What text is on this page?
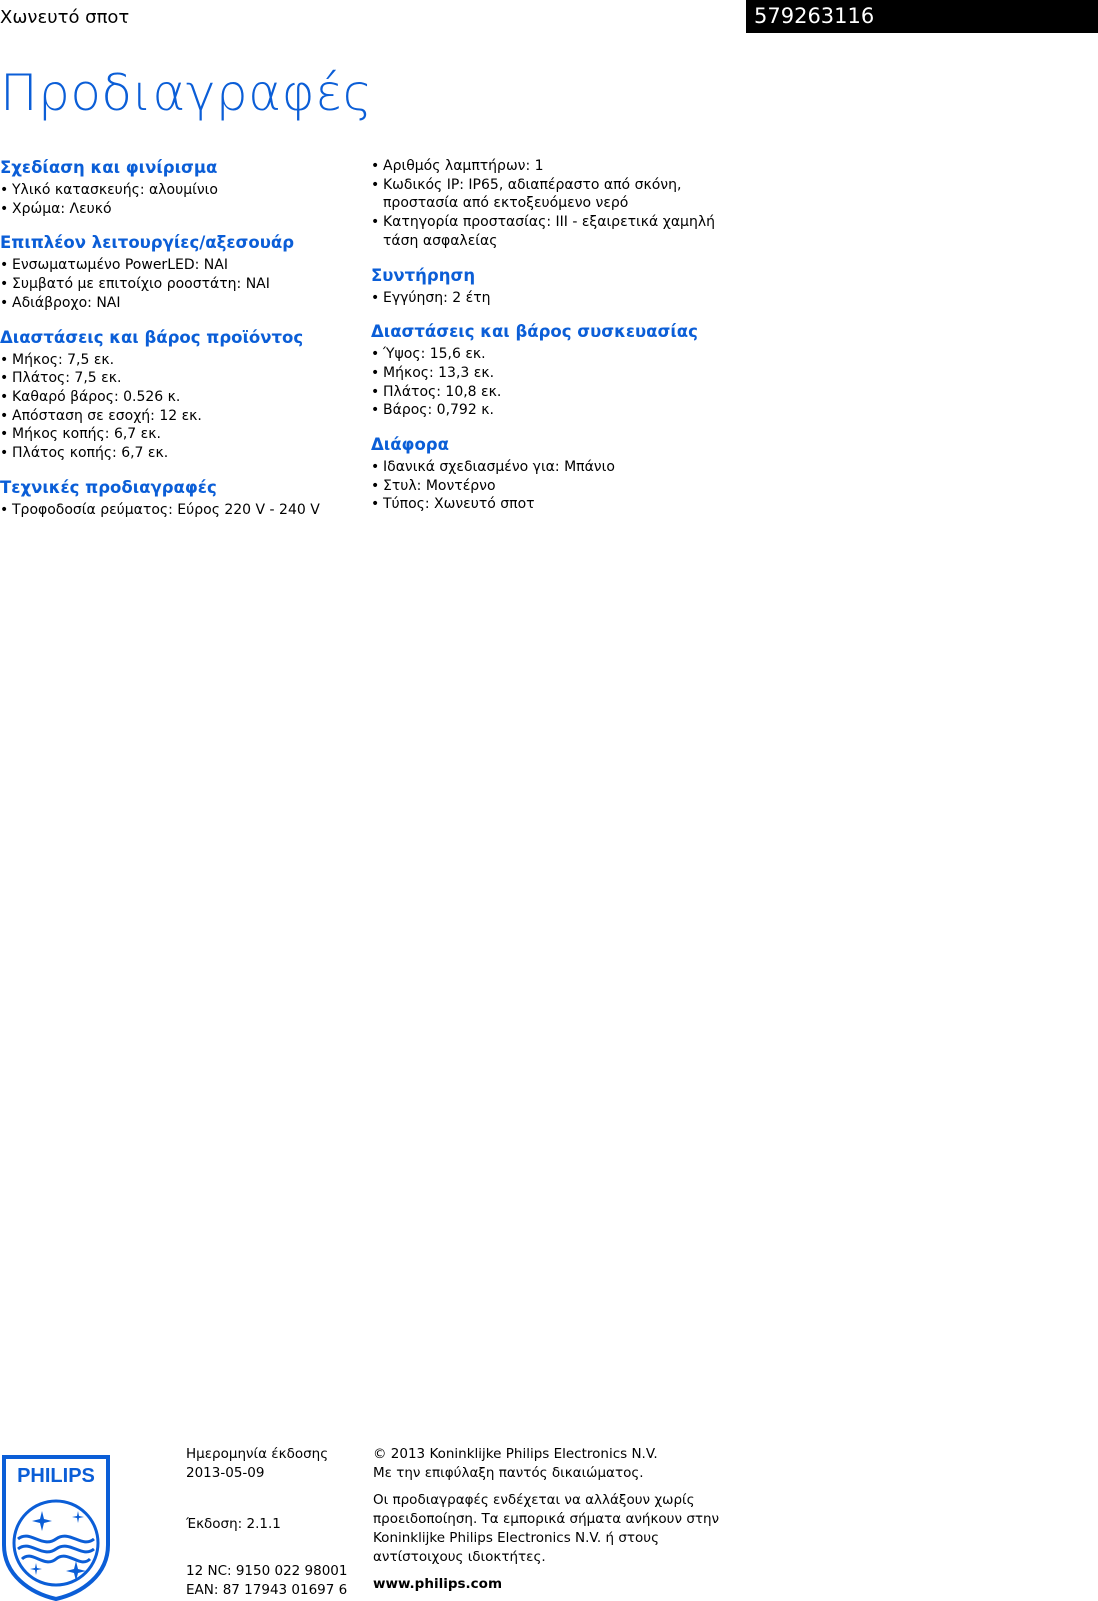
Χωνευτό σποτ	579263116
Προδιαγραφές
Σχεδίαση και φινίρισμα
• Υλικό κατασκευής: αλουμίνιο
• Χρώμα: Λευκό
Επιπλέον λειτουργίες/αξεσουάρ
• Ενσωματωμένο PowerLED: ΝΑΙ
• Συμβατό με επιτοίχιο ροοστάτη: ΝΑΙ
• Αδιάβροχο: ΝΑΙ
Διαστάσεις και βάρος προϊόντος
• Μήκος: 7,5 εκ.
• Πλάτος: 7,5 εκ.
• Καθαρό βάρος: 0.526 κ.
• Απόσταση σε εσοχή: 12 εκ.
• Μήκος κοπής: 6,7 εκ.
• Πλάτος κοπής: 6,7 εκ.
Τεχνικές προδιαγραφές
• Τροφοδοσία ρεύματος: Εύρος 220 V - 240 V
• Αριθμός λαμπτήρων: 1
• Κωδικός IP: IP65, αδιαπέραστο από σκόνη, προστασία από εκτοξευόμενο νερό
• Κατηγορία προστασίας: III - εξαιρετικά χαμηλή τάση ασφαλείας
Συντήρηση
• Εγγύηση: 2 έτη
Διαστάσεις και βάρος συσκευασίας
• Ύψος: 15,6 εκ.
• Μήκος: 13,3 εκ.
• Πλάτος: 10,8 εκ.
• Βάρος: 0,792 κ.
Διάφορα
• Ιδανικά σχεδιασμένο για: Μπάνιο
• Στυλ: Μοντέρνο
• Τύπος: Χωνευτό σποτ
PHILIPS
Ημερομηνία έκδοσης
2013-05-09
Έκδοση: 2.1.1
12 NC: 9150 022 98001
EAN: 87 17943 01697 6

© 2013 Koninklijke Philips Electronics N.V.
Με την επιφύλαξη παντός δικαιώματος.

Οι προδιαγραφές ενδέχεται να αλλάξουν χωρίς προειδοποίηση. Τα εμπορικά σήματα ανήκουν στην Koninklijke Philips Electronics N.V. ή στους αντίστοιχους ιδιοκτήτες.

www.philips.com
